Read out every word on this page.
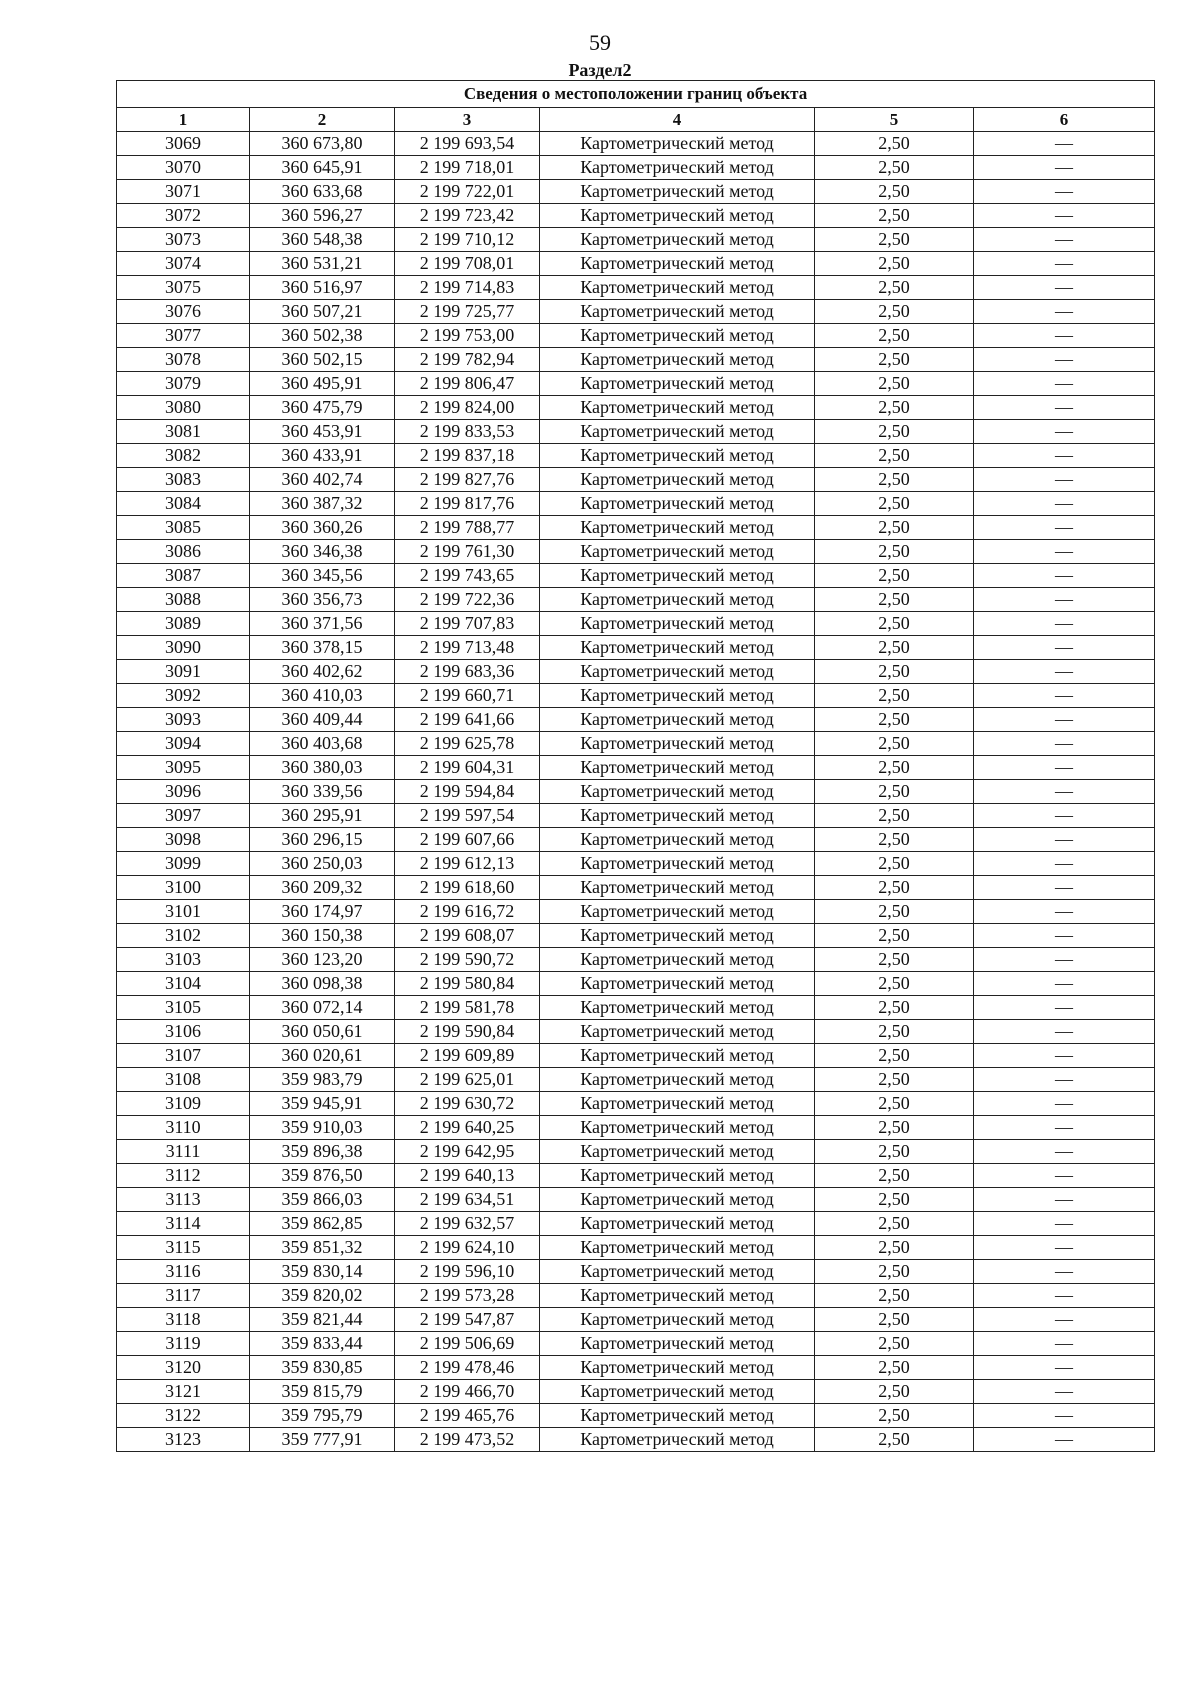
59
Раздел2
Сведения о местоположении границ объекта					
1	2	3	4	5	6
3069	360 673,80	2 199 693,54	Картометрический метод	2,50	—
3070	360 645,91	2 199 718,01	Картометрический метод	2,50	—
3071	360 633,68	2 199 722,01	Картометрический метод	2,50	—
3072	360 596,27	2 199 723,42	Картометрический метод	2,50	—
3073	360 548,38	2 199 710,12	Картометрический метод	2,50	—
3074	360 531,21	2 199 708,01	Картометрический метод	2,50	—
3075	360 516,97	2 199 714,83	Картометрический метод	2,50	—
3076	360 507,21	2 199 725,77	Картометрический метод	2,50	—
3077	360 502,38	2 199 753,00	Картометрический метод	2,50	—
3078	360 502,15	2 199 782,94	Картометрический метод	2,50	—
3079	360 495,91	2 199 806,47	Картометрический метод	2,50	—
3080	360 475,79	2 199 824,00	Картометрический метод	2,50	—
3081	360 453,91	2 199 833,53	Картометрический метод	2,50	—
3082	360 433,91	2 199 837,18	Картометрический метод	2,50	—
3083	360 402,74	2 199 827,76	Картометрический метод	2,50	—
3084	360 387,32	2 199 817,76	Картометрический метод	2,50	—
3085	360 360,26	2 199 788,77	Картометрический метод	2,50	—
3086	360 346,38	2 199 761,30	Картометрический метод	2,50	—
3087	360 345,56	2 199 743,65	Картометрический метод	2,50	—
3088	360 356,73	2 199 722,36	Картометрический метод	2,50	—
3089	360 371,56	2 199 707,83	Картометрический метод	2,50	—
3090	360 378,15	2 199 713,48	Картометрический метод	2,50	—
3091	360 402,62	2 199 683,36	Картометрический метод	2,50	—
3092	360 410,03	2 199 660,71	Картометрический метод	2,50	—
3093	360 409,44	2 199 641,66	Картометрический метод	2,50	—
3094	360 403,68	2 199 625,78	Картометрический метод	2,50	—
3095	360 380,03	2 199 604,31	Картометрический метод	2,50	—
3096	360 339,56	2 199 594,84	Картометрический метод	2,50	—
3097	360 295,91	2 199 597,54	Картометрический метод	2,50	—
3098	360 296,15	2 199 607,66	Картометрический метод	2,50	—
3099	360 250,03	2 199 612,13	Картометрический метод	2,50	—
3100	360 209,32	2 199 618,60	Картометрический метод	2,50	—
3101	360 174,97	2 199 616,72	Картометрический метод	2,50	—
3102	360 150,38	2 199 608,07	Картометрический метод	2,50	—
3103	360 123,20	2 199 590,72	Картометрический метод	2,50	—
3104	360 098,38	2 199 580,84	Картометрический метод	2,50	—
3105	360 072,14	2 199 581,78	Картометрический метод	2,50	—
3106	360 050,61	2 199 590,84	Картометрический метод	2,50	—
3107	360 020,61	2 199 609,89	Картометрический метод	2,50	—
3108	359 983,79	2 199 625,01	Картометрический метод	2,50	—
3109	359 945,91	2 199 630,72	Картометрический метод	2,50	—
3110	359 910,03	2 199 640,25	Картометрический метод	2,50	—
3111	359 896,38	2 199 642,95	Картометрический метод	2,50	—
3112	359 876,50	2 199 640,13	Картометрический метод	2,50	—
3113	359 866,03	2 199 634,51	Картометрический метод	2,50	—
3114	359 862,85	2 199 632,57	Картометрический метод	2,50	—
3115	359 851,32	2 199 624,10	Картометрический метод	2,50	—
3116	359 830,14	2 199 596,10	Картометрический метод	2,50	—
3117	359 820,02	2 199 573,28	Картометрический метод	2,50	—
3118	359 821,44	2 199 547,87	Картометрический метод	2,50	—
3119	359 833,44	2 199 506,69	Картометрический метод	2,50	—
3120	359 830,85	2 199 478,46	Картометрический метод	2,50	—
3121	359 815,79	2 199 466,70	Картометрический метод	2,50	—
3122	359 795,79	2 199 465,76	Картометрический метод	2,50	—
3123	359 777,91	2 199 473,52	Картометрический метод	2,50	—
